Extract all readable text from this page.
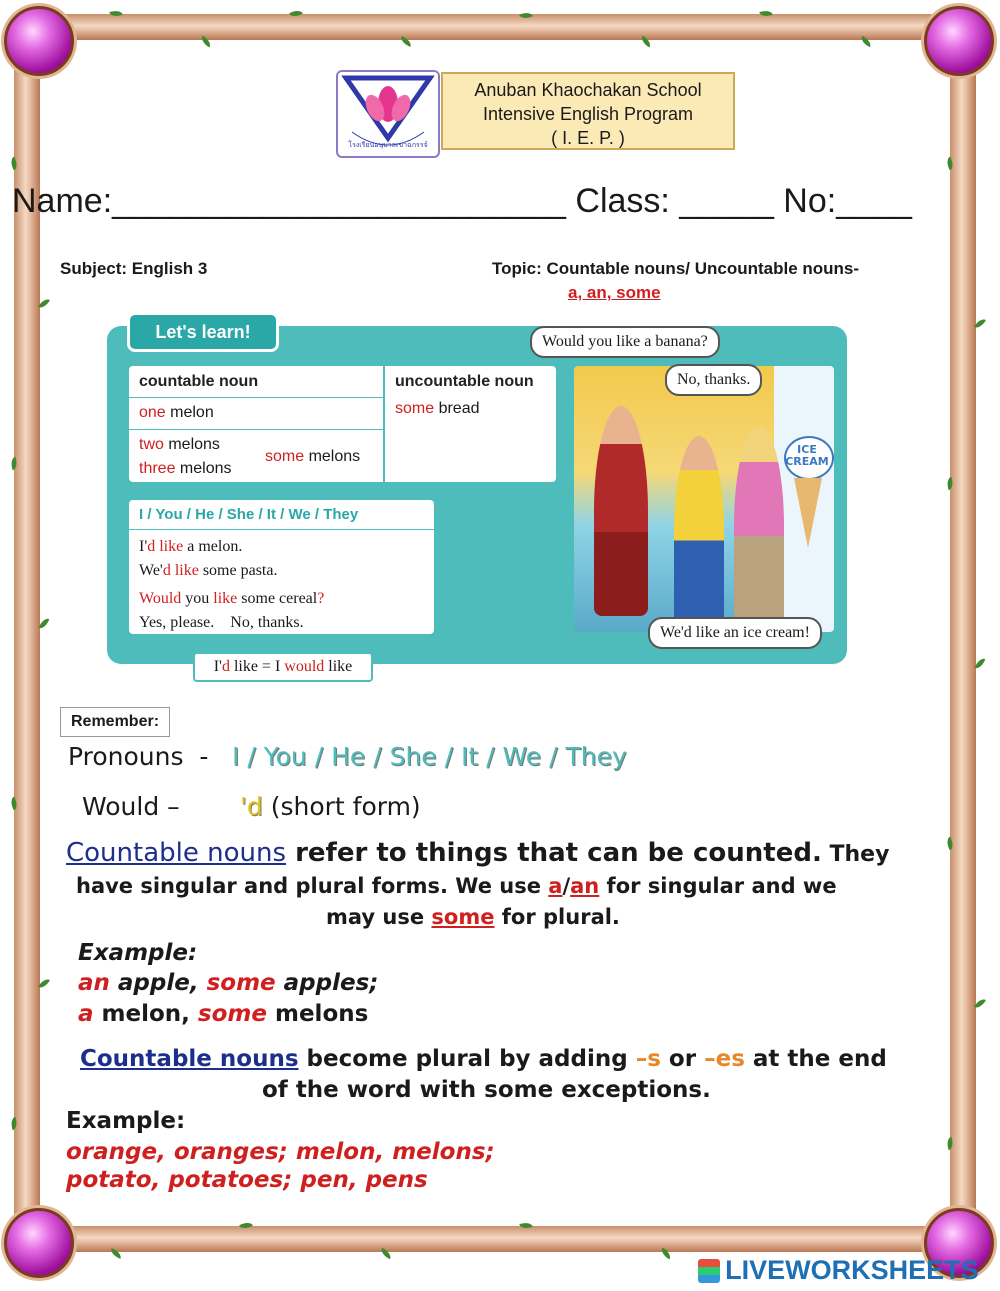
โรงเรียนอนุบาลเขาฉกรรจ์
Anuban Khaochakan School
Intensive English Program
( I. E. P. )
Name:________________________ Class: _____ No:____
Subject: English 3	Topic: Countable nouns/ Uncountable nouns-
a, an, some
Let's learn!
countable noun	uncountable noun
one melon
two melons
three melons
some melons
some bread
I / You / He / She / It / We / They
I'd like a melon.
We'd like some pasta.
Would you like some cereal?
Yes, please.    No, thanks.
I'd like = I would like
ICE CREAM
Would you like a banana?
No, thanks.
We'd like an ice cream!
Remember:
Pronouns  - I / You / He / She / It / We / They
Would – 'd (short form)
Countable nouns refer to things that can be counted. They
have singular and plural forms. We use a/an for singular and we
may use some for plural.
Example:
an apple, some apples;
a melon, some melons
Countable nouns become plural by adding –s or –es at the end
of the word with some exceptions.
Example:
orange, oranges; melon, melons;
potato, potatoes; pen, pens
LIVEWORKSHEETS
